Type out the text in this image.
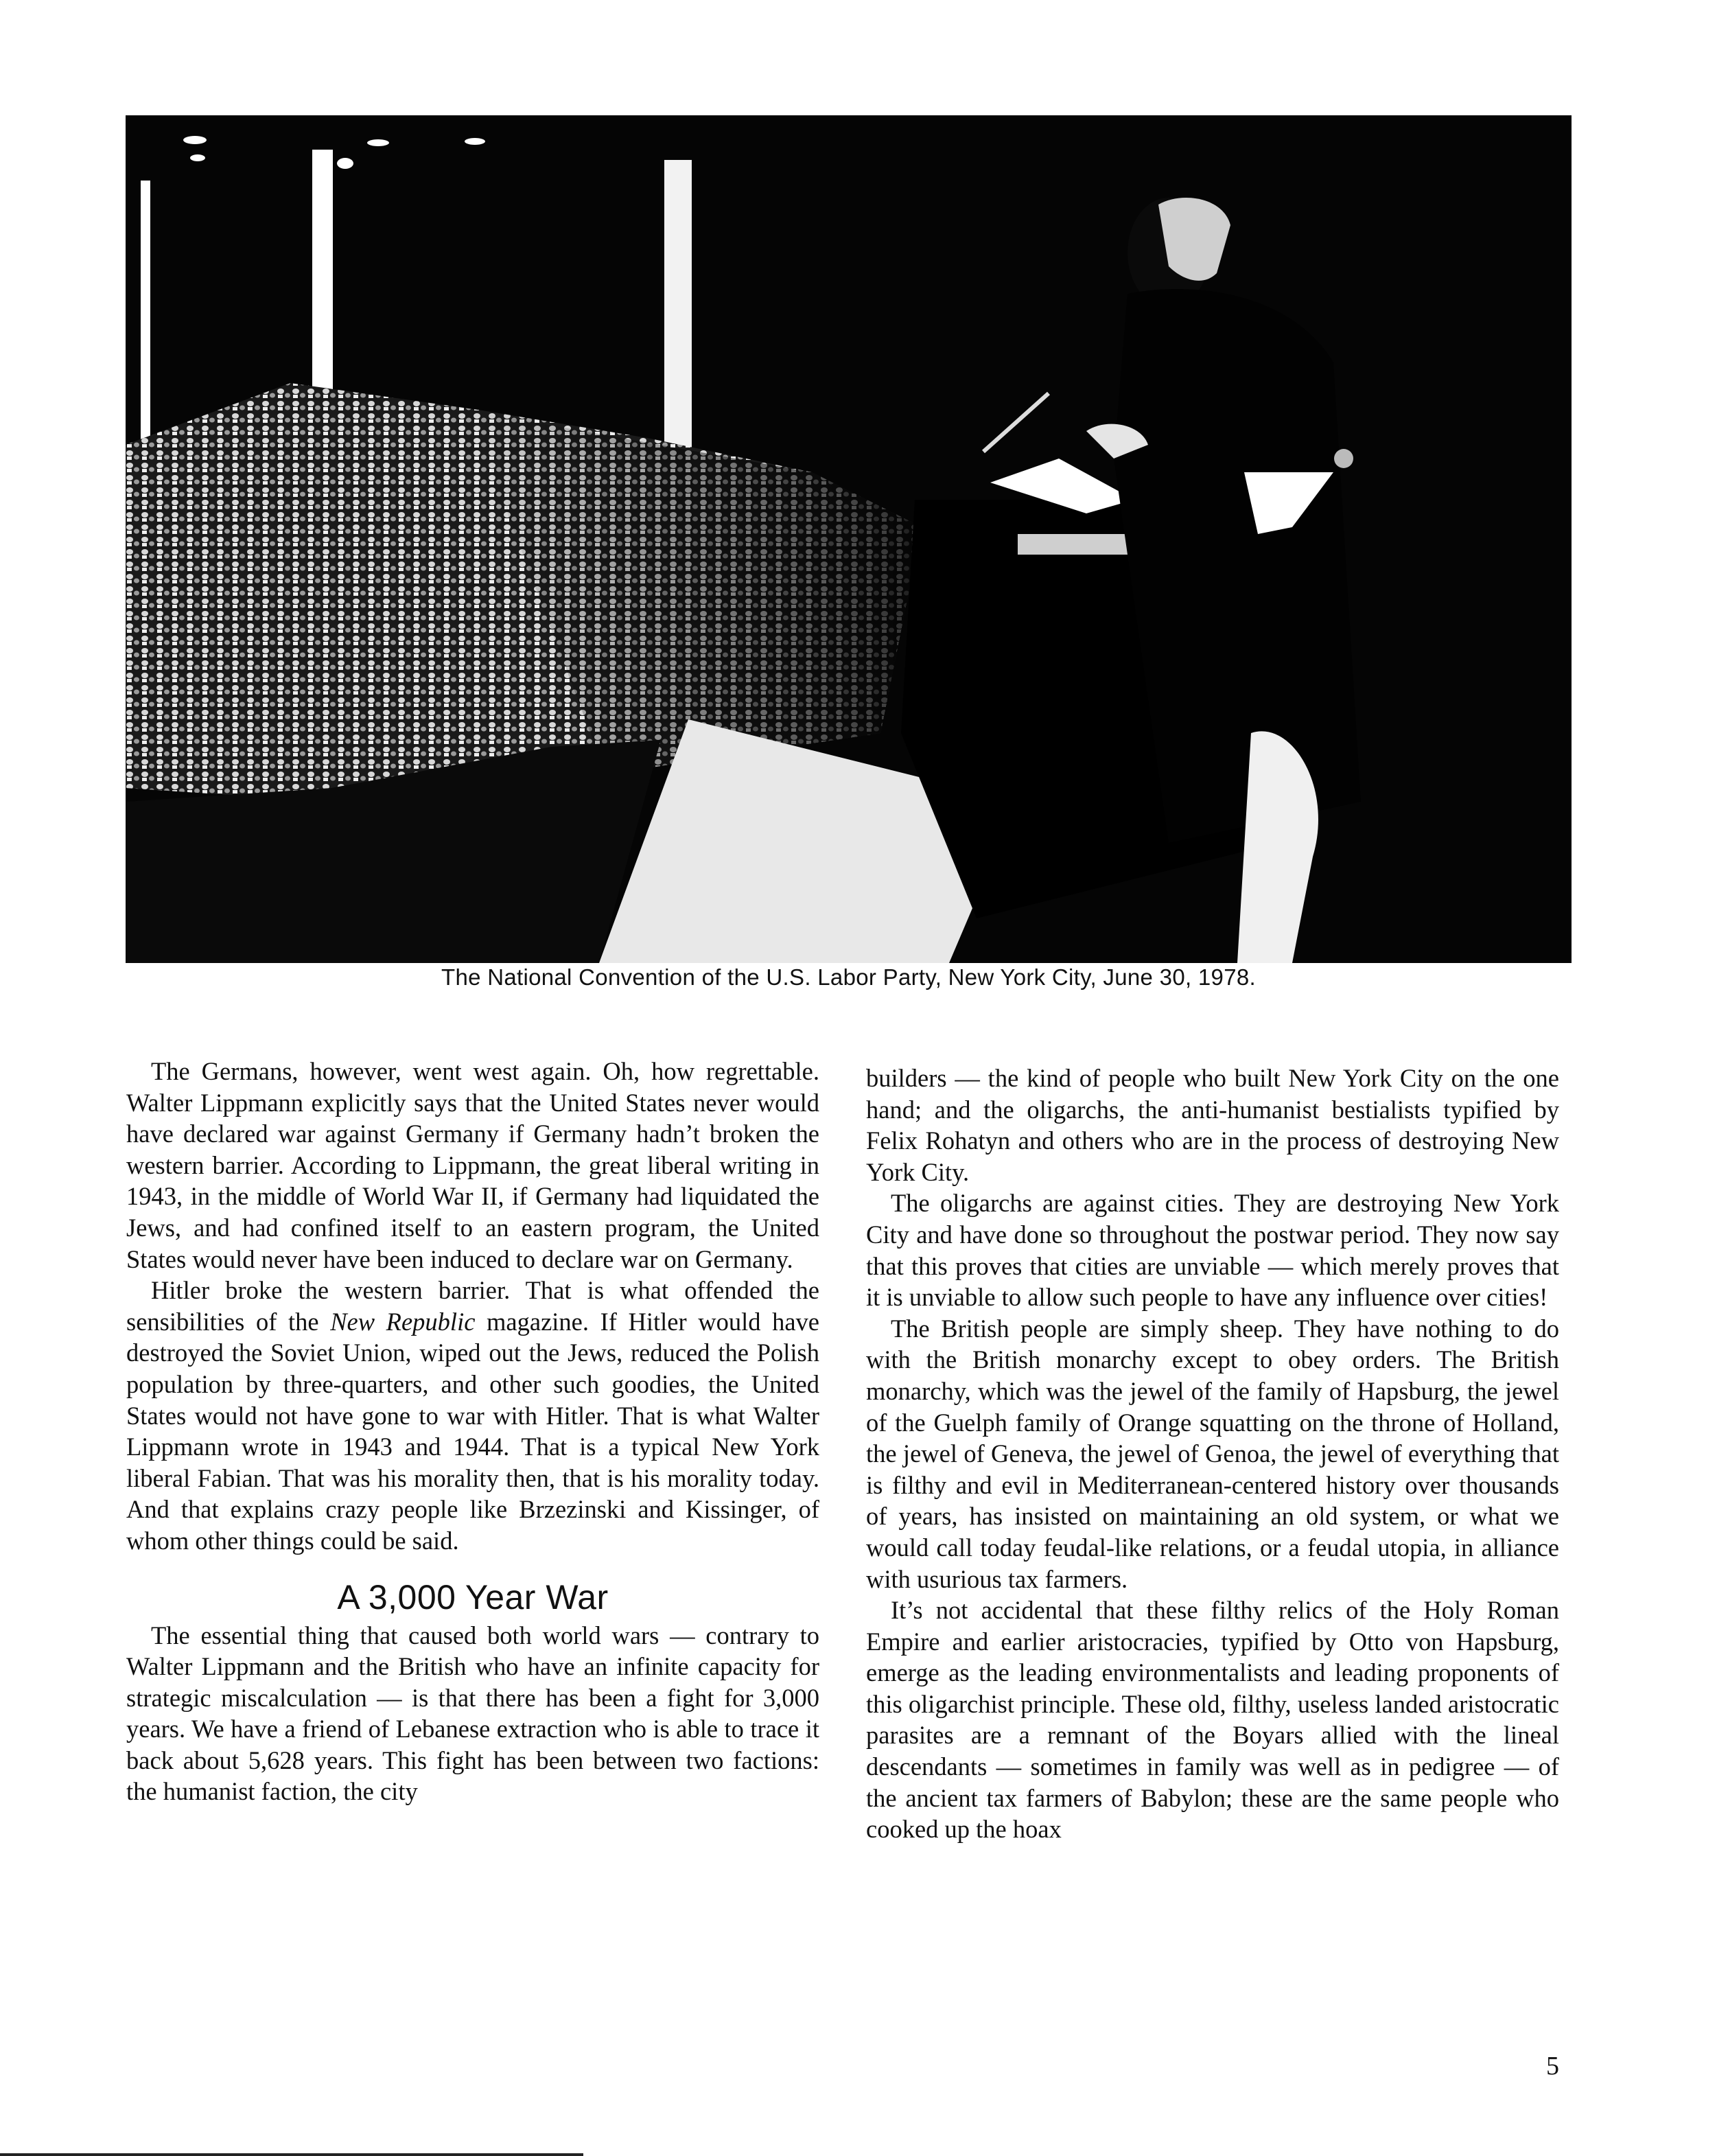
The National Convention of the U.S. Labor Party, New York City, June 30, 1978.

The Germans, however, went west again. Oh, how regrettable. Walter Lippmann explicitly says that the United States never would have declared war against Germany if Germany hadn’t broken the western barrier. According to Lippmann, the great liberal writing in 1943, in the middle of World War II, if Germany had liquidated the Jews, and had confined itself to an eastern program, the United States would never have been induced to declare war on Germany.

Hitler broke the western barrier. That is what offended the sensibilities of the New Republic magazine. If Hitler would have destroyed the Soviet Union, wiped out the Jews, reduced the Polish population by three-quarters, and other such goodies, the United States would not have gone to war with Hitler. That is what Walter Lippmann wrote in 1943 and 1944. That is a typical New York liberal Fabian. That was his morality then, that is his morality today. And that explains crazy people like Brzezinski and Kissinger, of whom other things could be said.

A 3,000 Year War

The essential thing that caused both world wars — contrary to Walter Lippmann and the British who have an infinite capacity for strategic miscalculation — is that there has been a fight for 3,000 years. We have a friend of Lebanese extraction who is able to trace it back about 5,628 years. This fight has been between two factions: the humanist faction, the city

builders — the kind of people who built New York City on the one hand; and the oligarchs, the anti-humanist bestialists typified by Felix Rohatyn and others who are in the process of destroying New York City.

The oligarchs are against cities. They are destroying New York City and have done so throughout the postwar period. They now say that this proves that cities are unviable — which merely proves that it is unviable to allow such people to have any influence over cities!

The British people are simply sheep. They have nothing to do with the British monarchy except to obey orders. The British monarchy, which was the jewel of the family of Hapsburg, the jewel of the Guelph family of Orange squatting on the throne of Holland, the jewel of Geneva, the jewel of Genoa, the jewel of everything that is filthy and evil in Mediterranean-centered history over thousands of years, has insisted on maintaining an old system, or what we would call today feudal-like relations, or a feudal utopia, in alliance with usurious tax farmers.

It’s not accidental that these filthy relics of the Holy Roman Empire and earlier aristocracies, typified by Otto von Hapsburg, emerge as the leading environmentalists and leading proponents of this oligarchist principle. These old, filthy, useless landed aristocratic parasites are a remnant of the Boyars allied with the lineal descendants — sometimes in family was well as in pedigree — of the ancient tax farmers of Babylon; these are the same people who cooked up the hoax

5
